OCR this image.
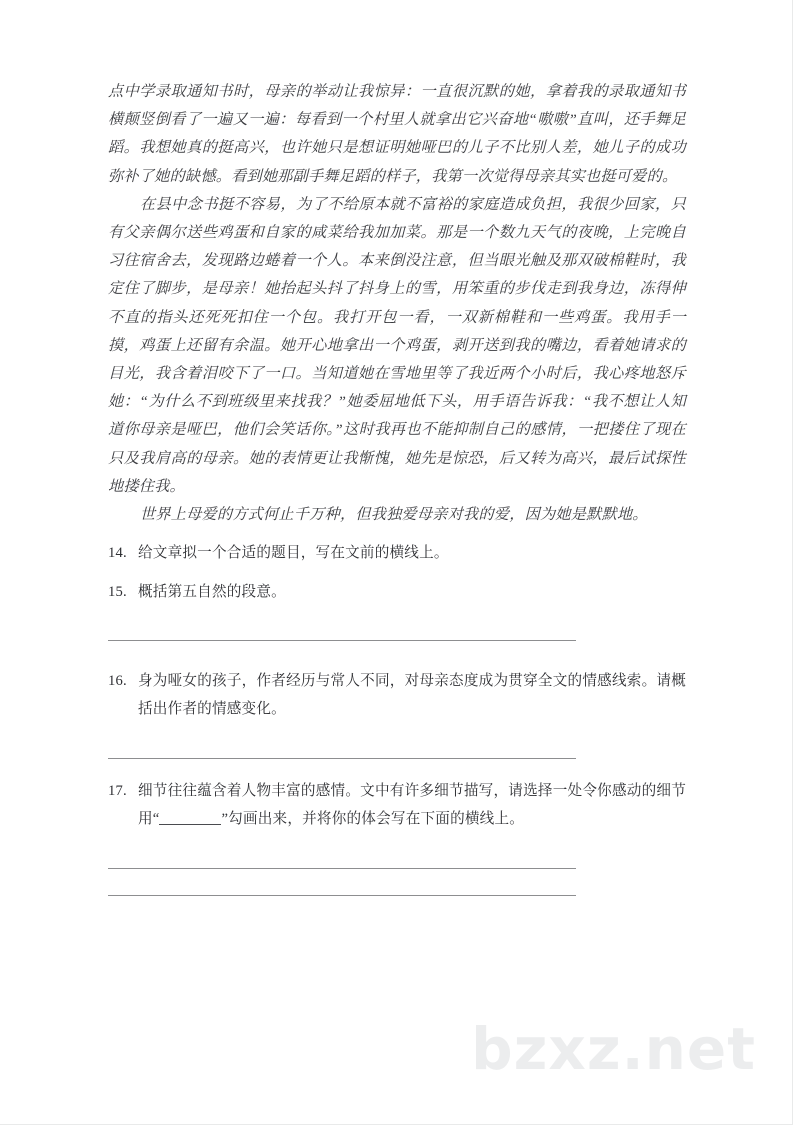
点中学录取通知书时，母亲的举动让我惊异：一直很沉默的她，拿着我的录取通知书横颠竖倒看了一遍又一遍：每看到一个村里人就拿出它兴奋地“嗷嗷”直叫，还手舞足蹈。我想她真的挺高兴，也许她只是想证明她哑巴的儿子不比别人差，她儿子的成功弥补了她的缺憾。看到她那副手舞足蹈的样子，我第一次觉得母亲其实也挺可爱的。

在县中念书挺不容易，为了不给原本就不富裕的家庭造成负担，我很少回家，只有父亲偶尔送些鸡蛋和自家的咸菜给我加加菜。那是一个数九天气的夜晚，上完晚自习往宿舍去，发现路边蜷着一个人。本来倒没注意，但当眼光触及那双破棉鞋时，我定住了脚步，是母亲！她抬起头抖了抖身上的雪，用笨重的步伐走到我身边，冻得伸不直的指头还死死扣住一个包。我打开包一看，一双新棉鞋和一些鸡蛋。我用手一摸，鸡蛋上还留有余温。她开心地拿出一个鸡蛋，剥开送到我的嘴边，看着她请求的目光，我含着泪咬下了一口。当知道她在雪地里等了我近两个小时后，我心疼地怒斥她：“为什么不到班级里来找我？”她委屈地低下头，用手语告诉我：“我不想让人知道你母亲是哑巴，他们会笑话你。”这时我再也不能抑制自己的感情，一把搂住了现在只及我肩高的母亲。她的表情更让我惭愧，她先是惊恐，后又转为高兴，最后试探性地搂住我。

世界上母爱的方式何止千万种，但我独爱母亲对我的爱，因为她是默默地。

14. 给文章拟一个合适的题目，写在文前的横线上。
15. 概括第五自然的段意。
16. 身为哑女的孩子，作者经历与常人不同，对母亲态度成为贯穿全文的情感线索。请概括出作者的情感变化。
17. 细节往往蕴含着人物丰富的感情。文中有许多细节描写，请选择一处令你感动的细节用“	”勾画出来，并将你的体会写在下面的横线上。
bzxz.net
